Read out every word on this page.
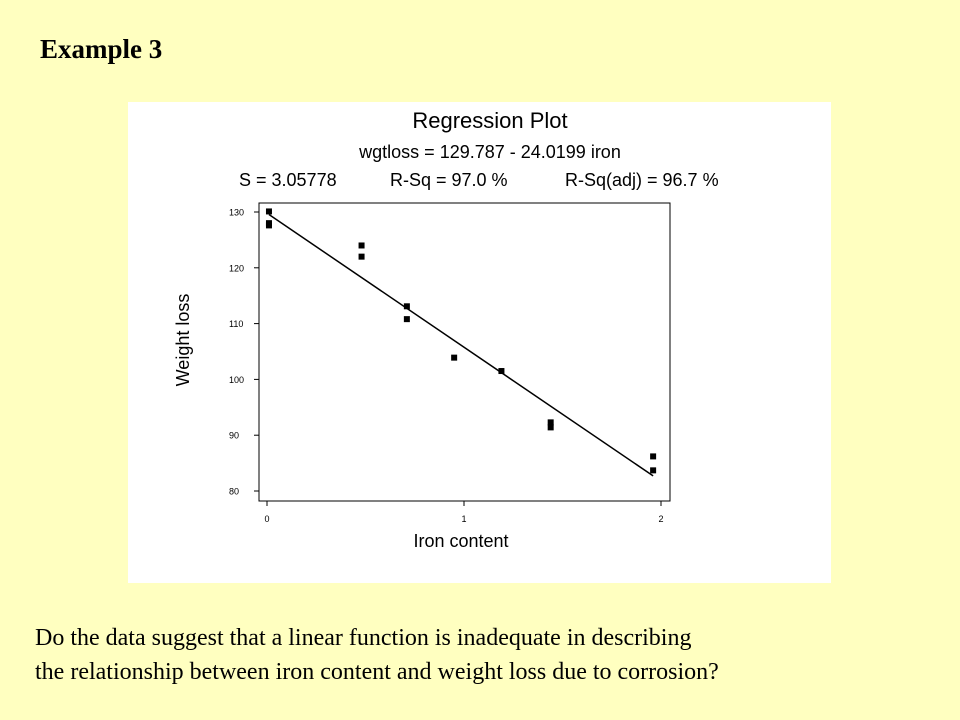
Example 3
Regression Plot
wgtloss = 129.787 - 24.0199 iron
S = 3.05778	R-Sq = 97.0 %	R-Sq(adj) = 96.7 %
80
90
100
110
120
130
0	1	2
Iron content
Weight loss
Do the data suggest that a linear function is inadequate in describing
the relationship between iron content and weight loss due to corrosion?
